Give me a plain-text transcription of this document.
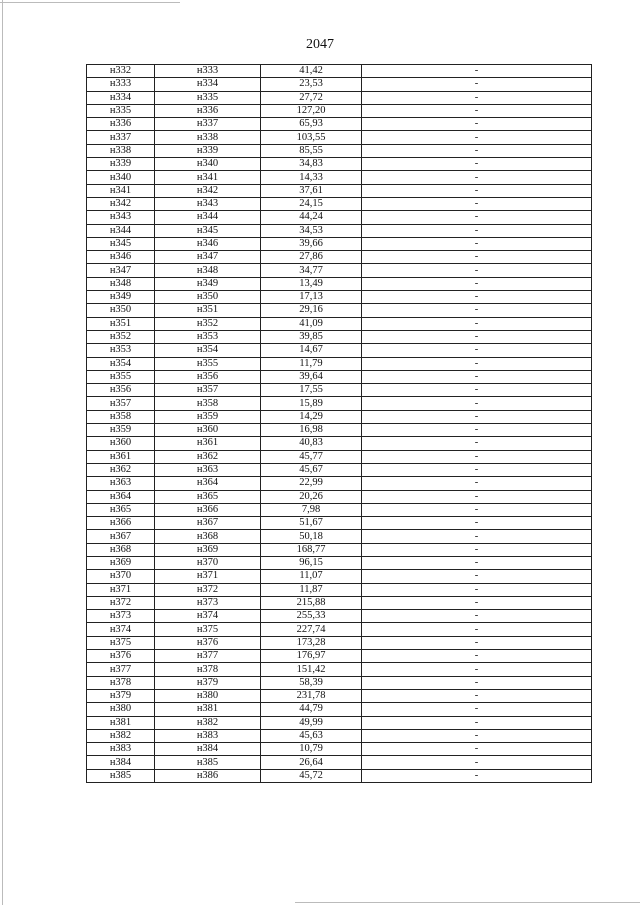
2047
н332	н333	41,42	-
н333	н334	23,53	-
н334	н335	27,72	-
н335	н336	127,20	-
н336	н337	65,93	-
н337	н338	103,55	-
н338	н339	85,55	-
н339	н340	34,83	-
н340	н341	14,33	-
н341	н342	37,61	-
н342	н343	24,15	-
н343	н344	44,24	-
н344	н345	34,53	-
н345	н346	39,66	-
н346	н347	27,86	-
н347	н348	34,77	-
н348	н349	13,49	-
н349	н350	17,13	-
н350	н351	29,16	-
н351	н352	41,09	-
н352	н353	39,85	-
н353	н354	14,67	-
н354	н355	11,79	-
н355	н356	39,64	-
н356	н357	17,55	-
н357	н358	15,89	-
н358	н359	14,29	-
н359	н360	16,98	-
н360	н361	40,83	-
н361	н362	45,77	-
н362	н363	45,67	-
н363	н364	22,99	-
н364	н365	20,26	-
н365	н366	7,98	-
н366	н367	51,67	-
н367	н368	50,18	-
н368	н369	168,77	-
н369	н370	96,15	-
н370	н371	11,07	-
н371	н372	11,87	-
н372	н373	215,88	-
н373	н374	255,33	-
н374	н375	227,74	-
н375	н376	173,28	-
н376	н377	176,97	-
н377	н378	151,42	-
н378	н379	58,39	-
н379	н380	231,78	-
н380	н381	44,79	-
н381	н382	49,99	-
н382	н383	45,63	-
н383	н384	10,79	-
н384	н385	26,64	-
н385	н386	45,72	-
